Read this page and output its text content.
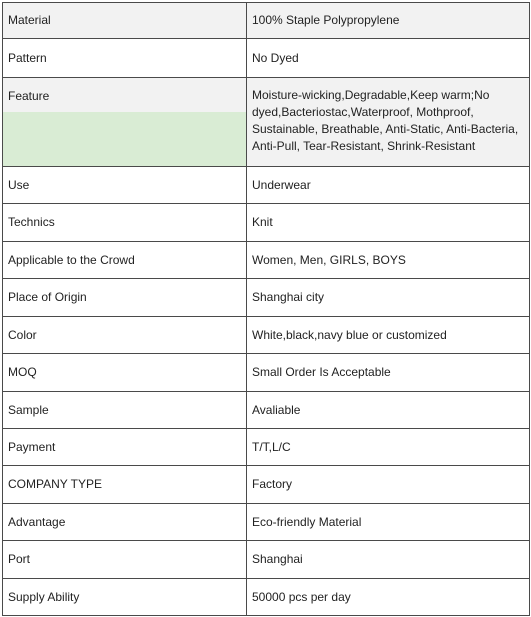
Material	100% Staple Polypropylene
Pattern	No Dyed

Feature	Moisture-wicking,Degradable,Keep warm;No dyed,Bacteriostac,Waterproof, Mothproof, Sustainable, Breathable, Anti-Static, Anti-Bacteria, Anti-Pull, Tear-Resistant, Shrink-Resistant
Use	Underwear
Technics	Knit
Applicable to the Crowd	Women, Men, GIRLS, BOYS
Place of Origin	Shanghai city
Color	White,black,navy blue or customized
MOQ	Small Order Is Acceptable
Sample	Avaliable
Payment	T/T,L/C
COMPANY TYPE	Factory
Advantage	Eco-friendly Material
Port	Shanghai
Supply Ability	50000 pcs per day
